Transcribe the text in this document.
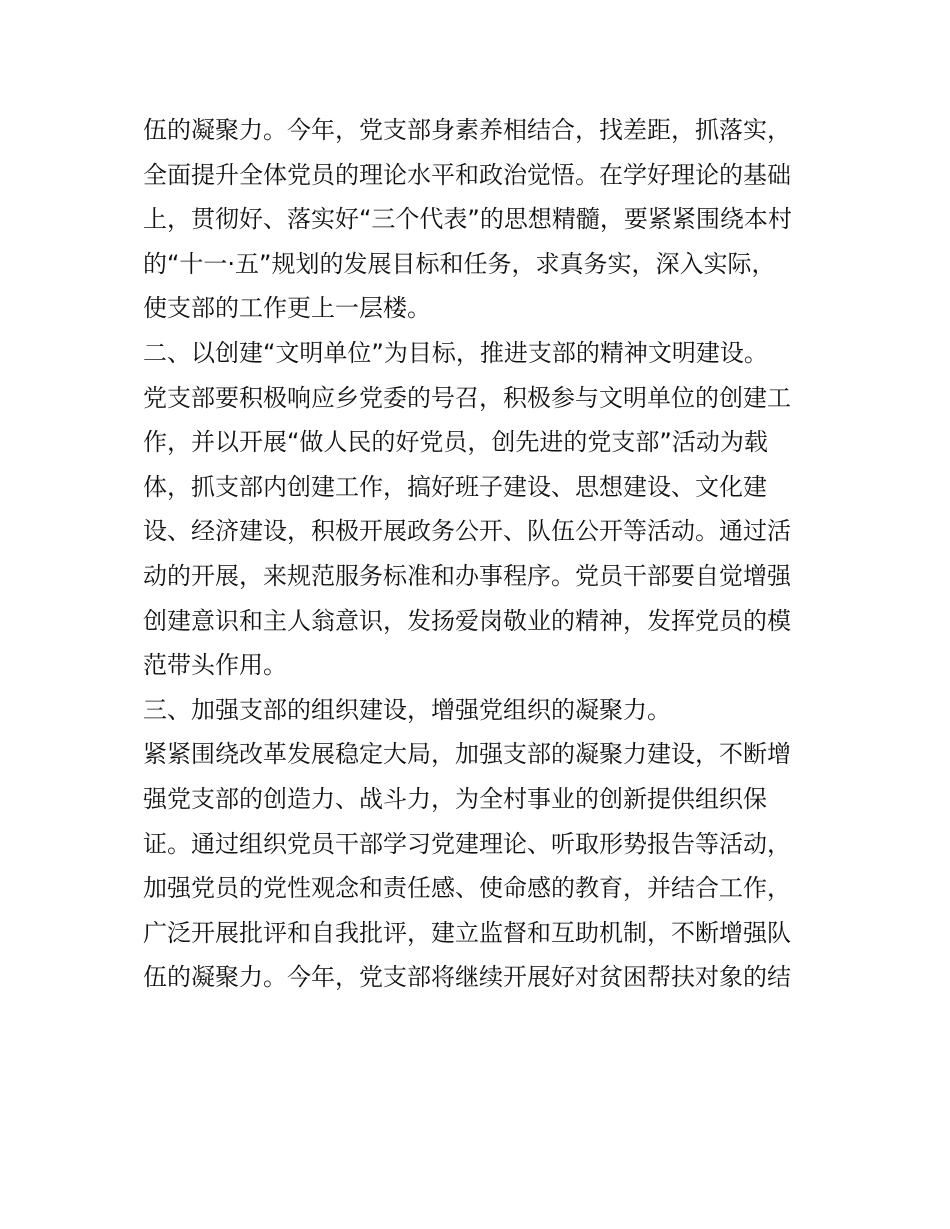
伍的凝聚力。今年，党支部身素养相结合，找差距，抓落实，
全面提升全体党员的理论水平和政治觉悟。在学好理论的基础
上，贯彻好、落实好“三个代表”的思想精髓，要紧紧围绕本村
的“十一·五”规划的发展目标和任务，求真务实，深入实际，
使支部的工作更上一层楼。
二、以创建“文明单位”为目标，推进支部的精神文明建设。
党支部要积极响应乡党委的号召，积极参与文明单位的创建工
作，并以开展“做人民的好党员，创先进的党支部”活动为载
体，抓支部内创建工作，搞好班子建设、思想建设、文化建
设、经济建设，积极开展政务公开、队伍公开等活动。通过活
动的开展，来规范服务标准和办事程序。党员干部要自觉增强
创建意识和主人翁意识，发扬爱岗敬业的精神，发挥党员的模
范带头作用。
三、加强支部的组织建设，增强党组织的凝聚力。
紧紧围绕改革发展稳定大局，加强支部的凝聚力建设，不断增
强党支部的创造力、战斗力，为全村事业的创新提供组织保
证。通过组织党员干部学习党建理论、听取形势报告等活动，
加强党员的党性观念和责任感、使命感的教育，并结合工作，
广泛开展批评和自我批评，建立监督和互助机制，不断增强队
伍的凝聚力。今年，党支部将继续开展好对贫困帮扶对象的结
